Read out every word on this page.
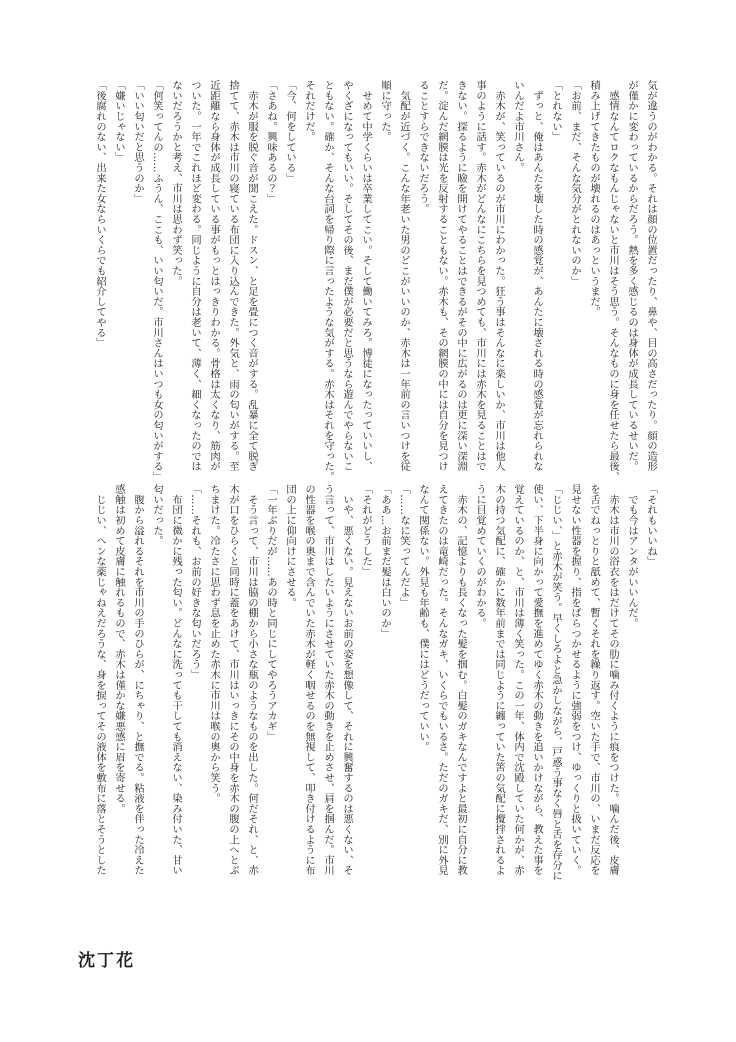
気が違うのがわかる。それは顔の位置だったり、鼻や、目の高さだったり。顔の造形

が僅かに変わっているからだろう。熱を多く感じるのは身体が成長しているせいだ。

　感情なんてロクなもんじゃないと市川はそう思う。そんなものに身を任せたら最後、

積み上げてきたものが壊れるのはあっというまだ。

「お前、まだ、そんな気分がとれないのか」

「とれない」

　ずっと、俺はあんたを壊した時の感覚が、あんたに壊される時の感覚が忘れられな

いんだよ市川さん。

　赤木が、笑っているのが市川にわかった。狂う事はそんなに楽しいか、市川は他人

事のように話す。赤木がどんなにこちらを見つめても、市川には赤木を見ることはで

きない。探るように瞼を開けてやることはできるがその中に広がるのは更に深い深淵

だ。淀んだ網膜は光を反射することもない。赤木も、その網膜の中には自分を見つけ

ることすらできないだろう。

　気配が近づく。こんな年老いた男のどこがいいのか、赤木は一年前の言いつけを従

順に守った。

　せめて中学くらいは卒業してこい。そして働いてみろ。博徒になったっていいし、

やくざになってもいい。そしてその後、まだ僕が必要だと思うなら遊んでやらないこ

ともない。確か、そんな台詞を帰り際に言ったような気がする。赤木はそれを守った。

それだけだ。

「今、何をしている」

「さあね。興味あるの？」

　赤木が服を脱ぐ音が聞こえた。ドスン、と足を畳につく音がする。乱暴に全て脱ぎ

捨てて、赤木は市川の寝ている布団に入り込んできた。外気と、雨の匂いがする。至

近距離なら身体が成長している事がもっとはっきりわかる。骨格は太くなり、筋肉が

ついた。一年でこれほど変わる。同じように自分は老いて、薄く、細くなったのでは

ないだろうかと考え、市川は思わず笑った。

「何笑ってんの……ふうん、ここも、いい匂いだ。市川さんはいつも女の匂いがする」

「いい匂いだと思うのか」

「嫌いじゃない」

「後腐れのない、出来た女ならいくらでも紹介してやる」

「それもいいね」

　でも今はアンタがいいんだ。

　赤木は市川の浴衣をはだけてその肋に噛み付くように痕をつけた。噛んだ後、皮膚

を舌でねっとりと舐めて、暫くそれを繰り返す。空いた手で、市川の、いまだ反応を

見せない性器を握り、指をばらつかせるように強弱をつけ、ゆっくりと扱いていく。

「じじい、」と赤木が笑う。早くしろよと急かしながら、戸惑う事なく唇と舌を存分に

使い、下半身に向かって愛撫を進めてゆく赤木の動きを追いかけながら、教えた事を

覚えているのか、と、市川は薄く笑った。この一年、体内で沈殿していた何かが、赤

木の持つ気配に、確かに数年前までは同じように纏っていた筈の気配に攪拌されるよ

うに目覚めていくのがわかる。

　赤木の、記憶よりも長くなった髪を掴む。白髪のガキなんですよと最初に自分に教

えてきたのは竜崎だった。そんなガキ、いくらでもいるさ。ただのガキだ、別に外見

なんて関係ない。外見も年齢も、僕にはどうだっていい。

「……なに笑ってんだよ」

「ああ…お前まだ髪は白いのか」

「それがどうした」

　いや、悪くない。見えないお前の姿を想像して、それに興奮するのは悪くない、そ

う言って、市川はしたいようにさせていた赤木の動きを止めさせ、肩を掴んだ。市川

の性器を喉の奥まで含んでいた赤木が軽く咽せるのを無視して、叩き付けるように布

団の上に仰向けにさせる。

「一年ぶりだが……あの時と同じにしてやろうアカギ」

　そう言って、市川は脇の棚から小さな瓶のようなものを出した。何だそれ、と、赤

木が口をひらくと同時に蓋をあけて、市川はいっきにその中身を赤木の腹の上へとぶ

ちまけた。冷たさに思わず息を止めた赤木に市川は喉の奥から笑う。

「……それも、お前の好きな匂いだろう」

　布団に微かに残った匂い。どんなに洗っても干しても消えない、染み付いた、甘い

匂いだった。

　腹から溢れるそれを市川の手のひらが、にちゃり、と撫でる。粘液を伴った冷えた

感触は初めて皮膚に触れるもので、赤木は僅かな嫌悪感に眉を寄せる。

　じじい、ヘンな薬じゃねえだろうな、身を捩ってその液体を敷布に落とそうとした

沈丁花
